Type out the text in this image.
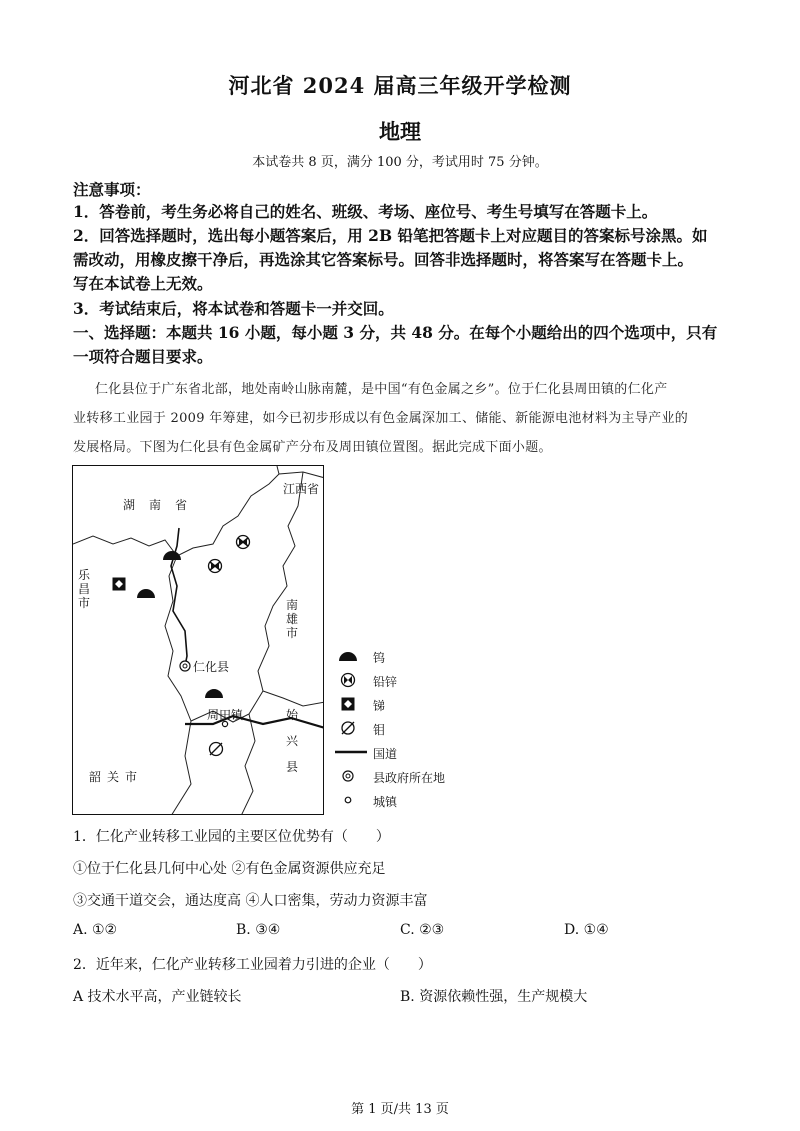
河北省 2024 届高三年级开学检测
地理
本试卷共 8 页，满分 100 分，考试用时 75 分钟。
注意事项：
1．答卷前，考生务必将自己的姓名、班级、考场、座位号、考生号填写在答题卡上。
2．回答选择题时，选出每小题答案后，用 2B 铅笔把答题卡上对应题目的答案标号涂黑。如
需改动，用橡皮擦干净后，再选涂其它答案标号。回答非选择题时，将答案写在答题卡上。
写在本试卷上无效。
3．考试结束后，将本试卷和答题卡一并交回。
一、选择题：本题共 16 小题，每小题 3 分，共 48 分。在每个小题给出的四个选项中，只有
一项符合题目要求。
仁化县位于广东省北部，地处南岭山脉南麓，是中国“有色金属之乡”。位于仁化县周田镇的仁化产
业转移工业园于 2009 年筹建，如今已初步形成以有色金属深加工、储能、新能源电池材料为主导产业的
发展格局。下图为仁化县有色金属矿产分布及周田镇位置图。据此完成下面小题。
湖南省
江西省
乐昌市	南雄市
仁化县
周田镇	始兴县
韶关市
钨
铅锌
锑
钼
国道
县政府所在地
城镇
1．仁化产业转移工业园的主要区位优势有（　　）
①位于仁化县几何中心处 ②有色金属资源供应充足
③交通干道交会，通达度高 ④人口密集，劳动力资源丰富
A. ①②	B. ③④	C. ②③	D. ①④
2．近年来，仁化产业转移工业园着力引进的企业（　　）
A 技术水平高，产业链较长	B. 资源依赖性强，生产规模大
第 1 页/共 13 页
